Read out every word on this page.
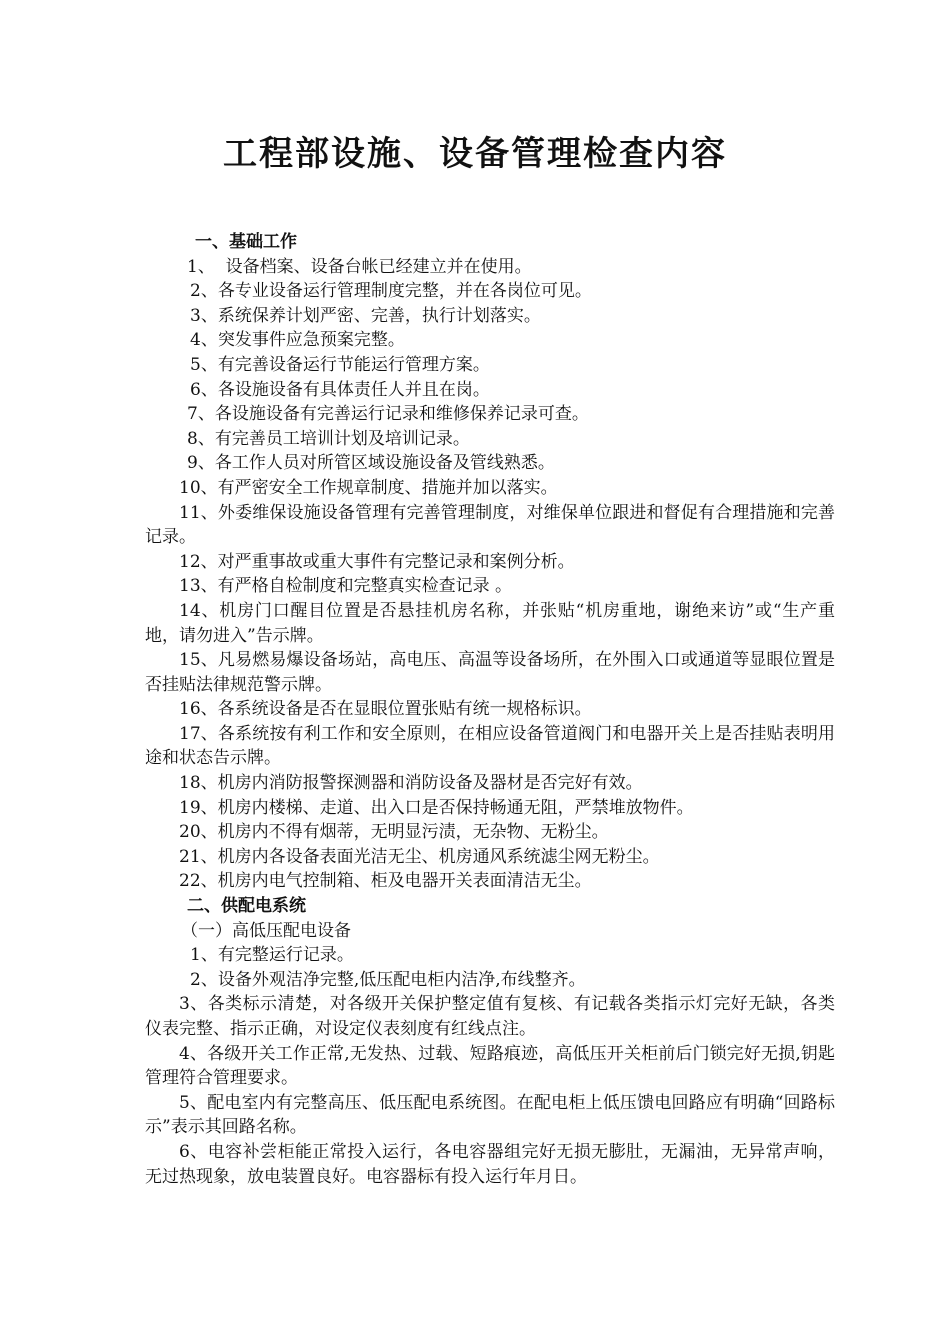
工程部设施、设备管理检查内容
一、基础工作
1、  设备档案、设备台帐已经建立并在使用。
2、各专业设备运行管理制度完整，并在各岗位可见。
3、系统保养计划严密、完善，执行计划落实。
4、突发事件应急预案完整。
5、有完善设备运行节能运行管理方案。
6、各设施设备有具体责任人并且在岗。
7、各设施设备有完善运行记录和维修保养记录可查。
8、有完善员工培训计划及培训记录。
9、各工作人员对所管区域设施设备及管线熟悉。
10、有严密安全工作规章制度、措施并加以落实。
11、外委维保设施设备管理有完善管理制度，对维保单位跟进和督促有合理措施和完善记录。
12、对严重事故或重大事件有完整记录和案例分析。
13、有严格自检制度和完整真实检查记录 。
14、机房门口醒目位置是否悬挂机房名称，并张贴“机房重地，谢绝来访”或“生产重地，请勿进入”告示牌。
15、凡易燃易爆设备场站，高电压、高温等设备场所，在外围入口或通道等显眼位置是否挂贴法律规范警示牌。
16、各系统设备是否在显眼位置张贴有统一规格标识。
17、各系统按有利工作和安全原则，在相应设备管道阀门和电器开关上是否挂贴表明用途和状态告示牌。
18、机房内消防报警探测器和消防设备及器材是否完好有效。
19、机房内楼梯、走道、出入口是否保持畅通无阻，严禁堆放物件。
20、机房内不得有烟蒂，无明显污渍，无杂物、无粉尘。
21、机房内各设备表面光洁无尘、机房通风系统滤尘网无粉尘。
22、机房内电气控制箱、柜及电器开关表面清洁无尘。
二、供配电系统
（一）高低压配电设备
1、有完整运行记录。
2、设备外观洁净完整,低压配电柜内洁净,布线整齐。
3、各类标示清楚，对各级开关保护整定值有复核、有记载各类指示灯完好无缺，各类仪表完整、指示正确，对设定仪表刻度有红线点注。
4、各级开关工作正常,无发热、过载、短路痕迹，高低压开关柜前后门锁完好无损,钥匙管理符合管理要求。
5、配电室内有完整高压、低压配电系统图。在配电柜上低压馈电回路应有明确“回路标示”表示其回路名称。
6、电容补尝柜能正常投入运行，各电容器组完好无损无膨肚，无漏油，无异常声响，无过热现象，放电装置良好。电容器标有投入运行年月日。
